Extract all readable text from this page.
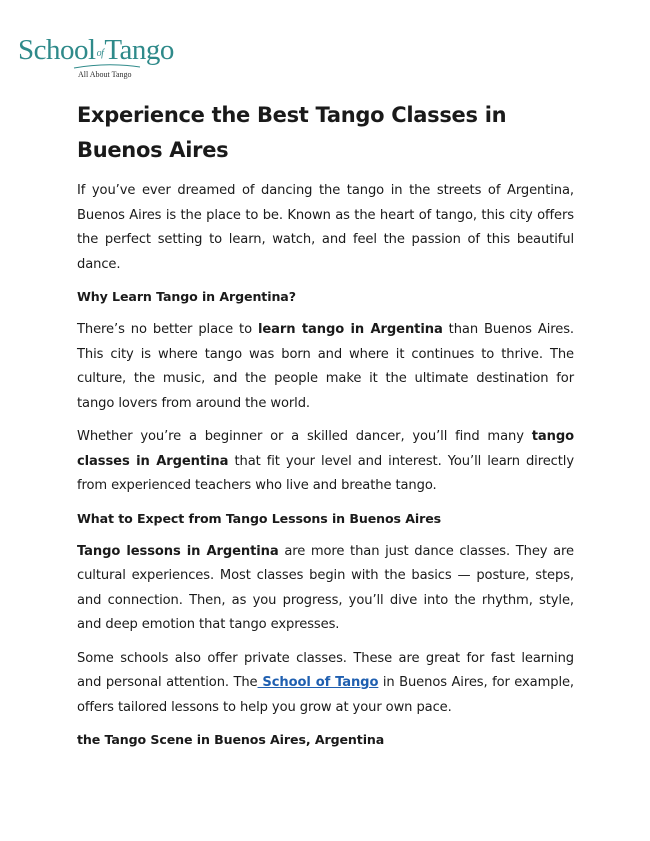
SchoolofTango
All About Tango
Experience the Best Tango Classes in Buenos Aires

If you’ve ever dreamed of dancing the tango in the streets of Argentina, Buenos Aires is the place to be. Known as the heart of tango, this city offers the perfect setting to learn, watch, and feel the passion of this beautiful dance.

Why Learn Tango in Argentina?

There’s no better place to learn tango in Argentina than Buenos Aires. This city is where tango was born and where it continues to thrive. The culture, the music, and the people make it the ultimate destination for tango lovers from around the world.

Whether you’re a beginner or a skilled dancer, you’ll find many tango classes in Argentina that fit your level and interest. You’ll learn directly from experienced teachers who live and breathe tango.

What to Expect from Tango Lessons in Buenos Aires

Tango lessons in Argentina are more than just dance classes. They are cultural experiences. Most classes begin with the basics — posture, steps, and connection. Then, as you progress, you’ll dive into the rhythm, style, and deep emotion that tango expresses.

Some schools also offer private classes. These are great for fast learning and personal attention. The School of Tango in Buenos Aires, for example, offers tailored lessons to help you grow at your own pace.

the Tango Scene in Buenos Aires, Argentina
